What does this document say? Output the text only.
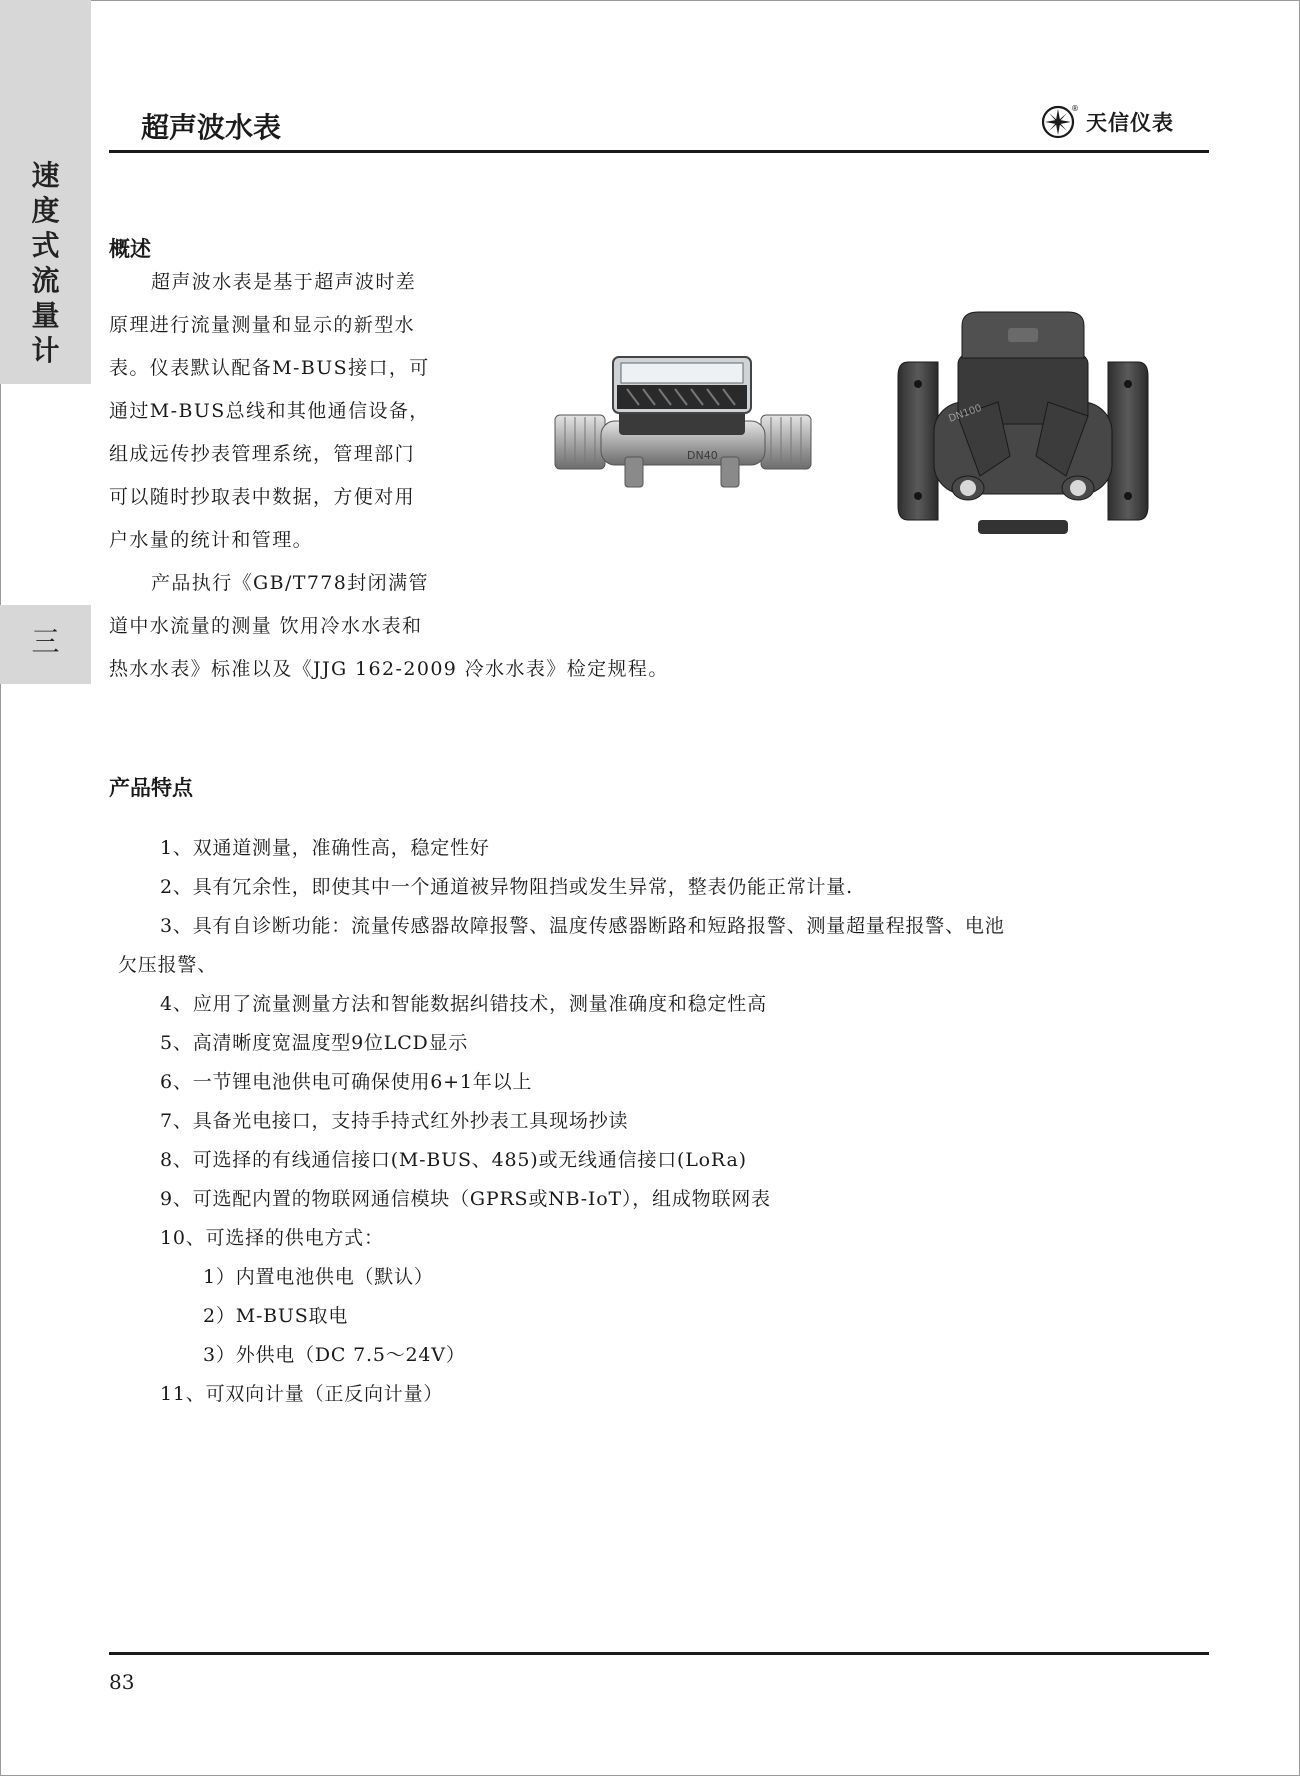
速
度
式
流
量
计
三
超声波水表
®
天信仪表
概述

超声波水表是基于超声波时差
原理进行流量测量和显示的新型水
表。仪表默认配备M-BUS接口，可
通过M-BUS总线和其他通信设备，
组成远传抄表管理系统，管理部门
可以随时抄取表中数据，方便对用
户水量的统计和管理。
产品执行《GB/T778封闭满管
道中水流量的测量 饮用冷水水表和
热水水表》标准以及《JJG 162-2009 冷水水表》检定规程。

DN40
DN100
产品特点
1、双通道测量，准确性高，稳定性好
2、具有冗余性，即使其中一个通道被异物阻挡或发生异常，整表仍能正常计量.
3、具有自诊断功能：流量传感器故障报警、温度传感器断路和短路报警、测量超量程报警、电池
欠压报警、
4、应用了流量测量方法和智能数据纠错技术，测量准确度和稳定性高
5、高清晰度宽温度型9位LCD显示
6、一节锂电池供电可确保使用6+1年以上
7、具备光电接口，支持手持式红外抄表工具现场抄读
8、可选择的有线通信接口(M-BUS、485)或无线通信接口(LoRa)
9、可选配内置的物联网通信模块（GPRS或NB-IoT），组成物联网表
10、可选择的供电方式：
1）内置电池供电（默认）
2）M-BUS取电
3）外供电（DC 7.5～24V）
11、可双向计量（正反向计量）
83
